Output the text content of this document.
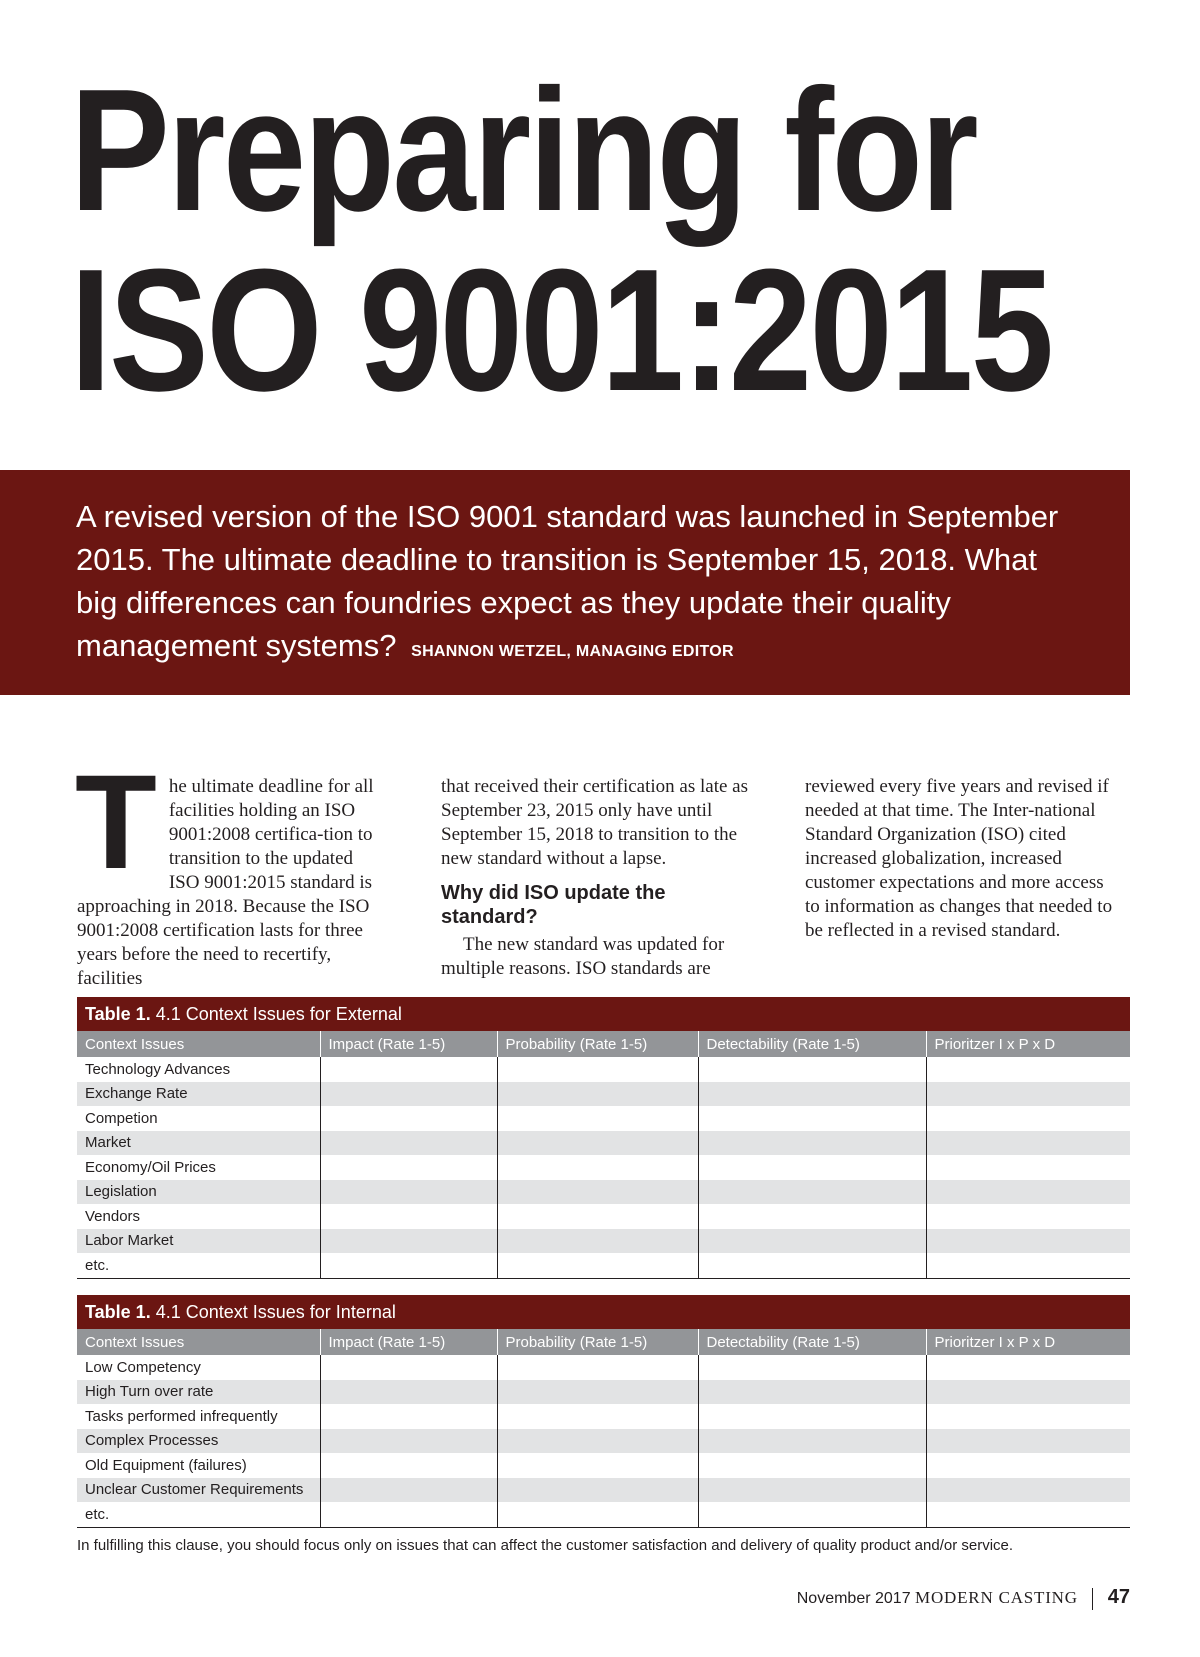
Preparing for
ISO 9001:2015
A revised version of the ISO 9001 standard was launched in September 2015. The ultimate deadline to transition is September 15, 2018. What big differences can foundries expect as they update their quality management systems? SHANNON WETZEL, MANAGING EDITOR
T he ultimate deadline for all facilities holding an ISO 9001:2008 certifica-tion to transition to the updated ISO 9001:2015 standard is approaching in 2018. Because the ISO 9001:2008 certification lasts for three years before the need to recertify, facilities

that received their certification as late as September 23, 2015 only have until September 15, 2018 to transition to the new standard without a lapse.

Why did ISO update the standard?

The new standard was updated for multiple reasons. ISO standards are

reviewed every five years and revised if needed at that time. The Inter-national Standard Organization (ISO) cited increased globalization, increased customer expectations and more access to information as changes that needed to be reflected in a revised standard.

Table 1. 4.1 Context Issues for External
Context Issues	Impact (Rate 1-5)	Probability (Rate 1-5)	Detectability (Rate 1-5)	Prioritzer I x P x D
Technology Advances				
Exchange Rate				
Competion				
Market				
Economy/Oil Prices				
Legislation				
Vendors				
Labor Market				
etc.				
Table 1. 4.1 Context Issues for Internal
Context Issues	Impact (Rate 1-5)	Probability (Rate 1-5)	Detectability (Rate 1-5)	Prioritzer I x P x D
Low Competency				
High Turn over rate				
Tasks performed infrequently				
Complex Processes				
Old Equipment (failures)				
Unclear Customer Requirements				
etc.				
In fulfilling this clause, you should focus only on issues that can affect the customer satisfaction and delivery of quality product and/or service.
November 2017 MODERN CASTING 47
